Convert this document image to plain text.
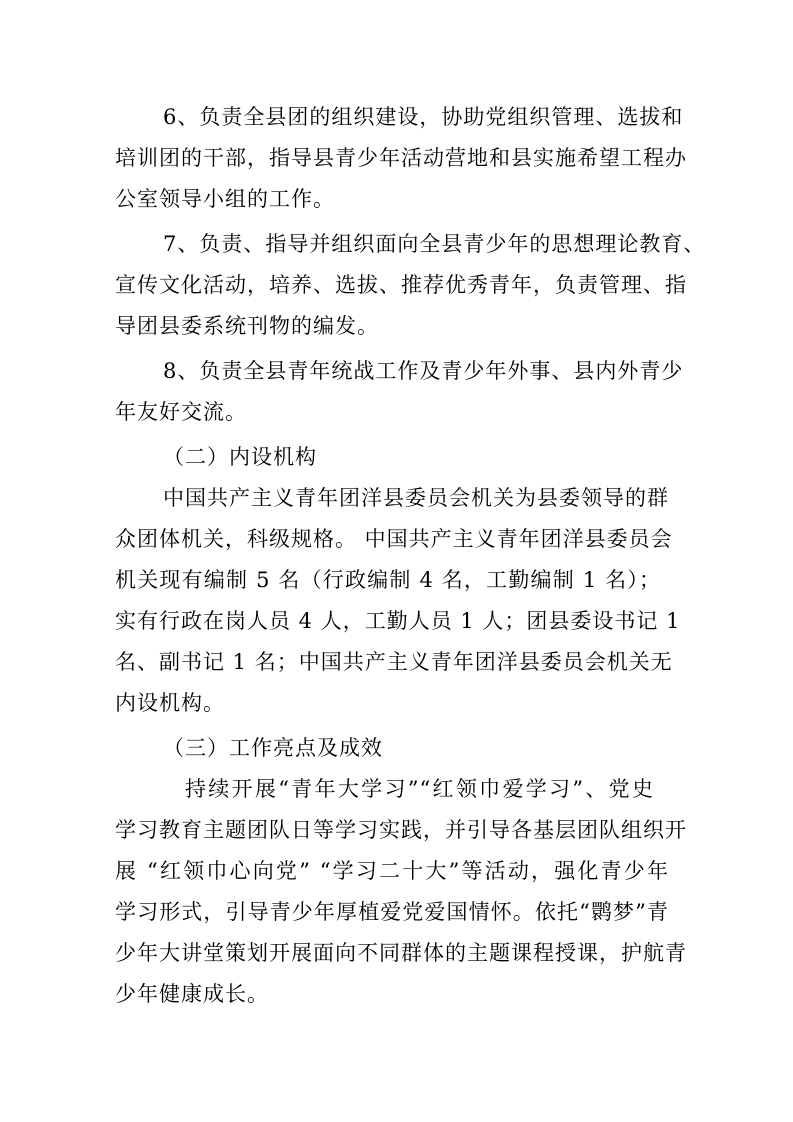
6、负责全县团的组织建设，协助党组织管理、选拔和
培训团的干部，指导县青少年活动营地和县实施希望工程办
公室领导小组的工作。
7、负责、指导并组织面向全县青少年的思想理论教育、
宣传文化活动，培养、选拔、推荐优秀青年，负责管理、指
导团县委系统刊物的编发。
8、负责全县青年统战工作及青少年外事、县内外青少
年友好交流。
（二）内设机构
中国共产主义青年团洋县委员会机关为县委领导的群
众团体机关，科级规格。 中国共产主义青年团洋县委员会
机关现有编制 5 名（行政编制 4 名，工勤编制 1 名）；
实有行政在岗人员 4 人，工勤人员 1 人；团县委设书记 1
名、副书记 1 名；中国共产主义青年团洋县委员会机关无
内设机构。
（三）工作亮点及成效
持续开展“青年大学习”“红领巾爱学习”、党史
学习教育主题团队日等学习实践，并引导各基层团队组织开
展 “红领巾心向党” “学习二十大”等活动，强化青少年
学习形式，引导青少年厚植爱党爱国情怀。依托“鹮梦”青
少年大讲堂策划开展面向不同群体的主题课程授课，护航青
少年健康成长。
